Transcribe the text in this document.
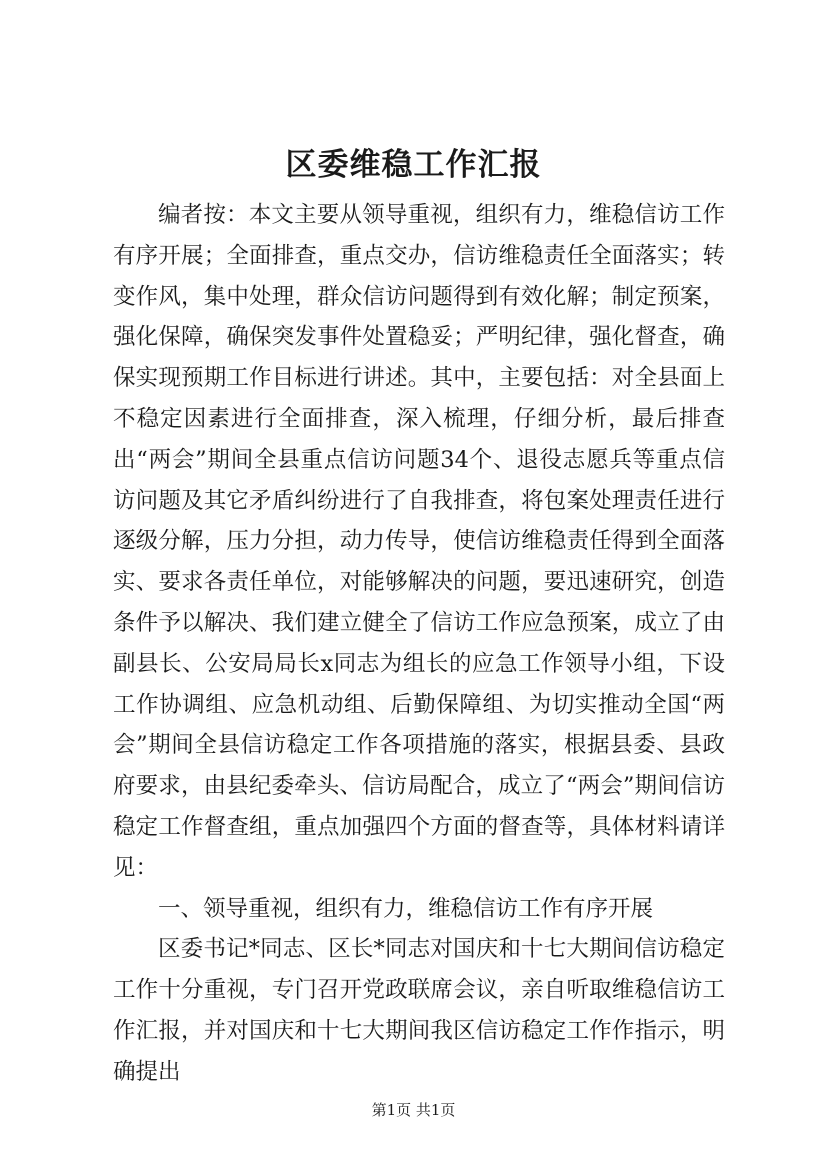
区委维稳工作汇报

编者按：本文主要从领导重视，组织有力，维稳信访工作有序开展；全面排查，重点交办，信访维稳责任全面落实；转变作风，集中处理，群众信访问题得到有效化解；制定预案，强化保障，确保突发事件处置稳妥；严明纪律，强化督查，确保实现预期工作目标进行讲述。其中，主要包括：对全县面上不稳定因素进行全面排查，深入梳理，仔细分析，最后排查出“两会”期间全县重点信访问题34个、退役志愿兵等重点信访问题及其它矛盾纠纷进行了自我排查，将包案处理责任进行逐级分解，压力分担，动力传导，使信访维稳责任得到全面落实、要求各责任单位，对能够解决的问题，要迅速研究，创造条件予以解决、我们建立健全了信访工作应急预案，成立了由副县长、公安局局长x同志为组长的应急工作领导小组，下设工作协调组、应急机动组、后勤保障组、为切实推动全国“两会”期间全县信访稳定工作各项措施的落实，根据县委、县政府要求，由县纪委牵头、信访局配合，成立了“两会”期间信访稳定工作督查组，重点加强四个方面的督查等，具体材料请详见：

一、领导重视，组织有力，维稳信访工作有序开展

区委书记*同志、区长*同志对国庆和十七大期间信访稳定工作十分重视，专门召开党政联席会议，亲自听取维稳信访工作汇报，并对国庆和十七大期间我区信访稳定工作作指示，明确提出

第1页 共1页
